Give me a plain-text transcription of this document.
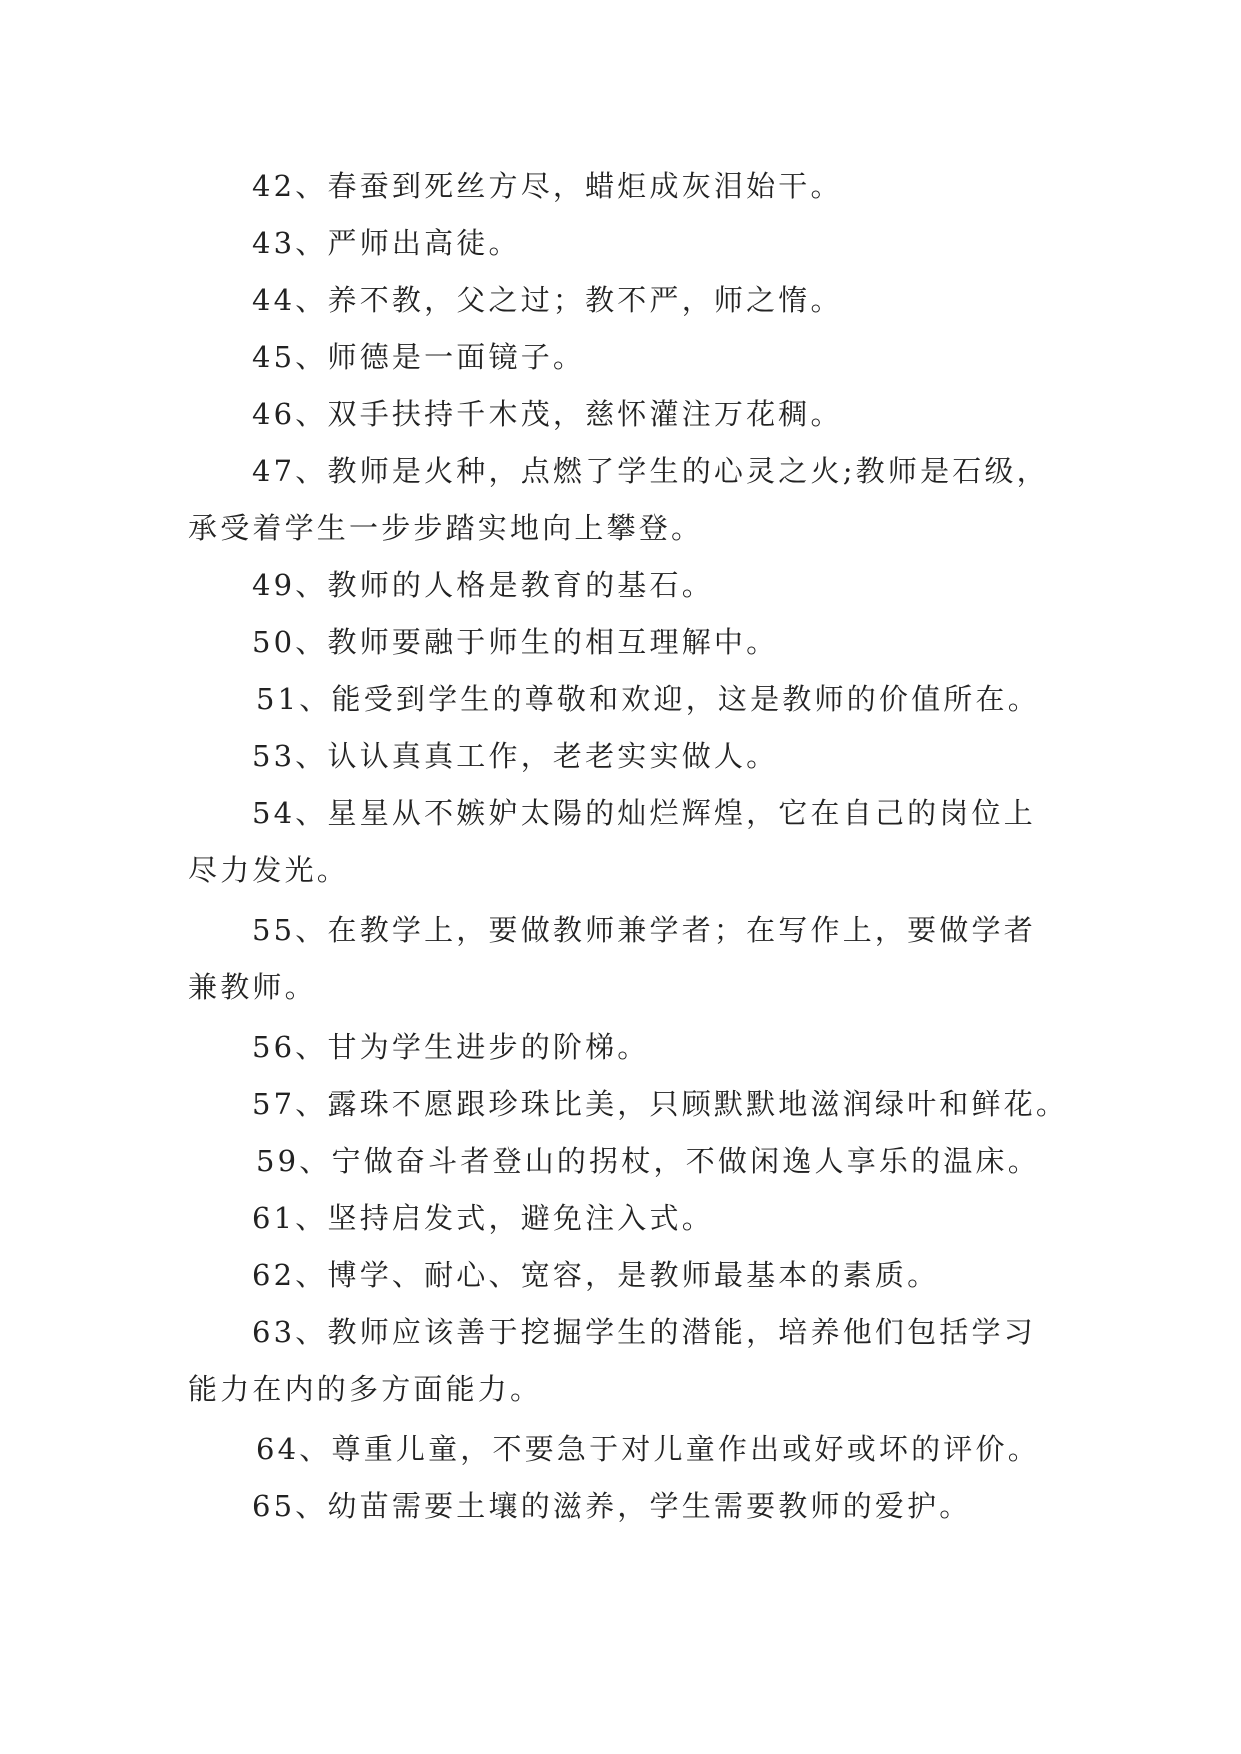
42、春蚕到死丝方尽，蜡炬成灰泪始干。
43、严师出高徒。
44、养不教，父之过；教不严，师之惰。
45、师德是一面镜子。
46、双手扶持千木茂，慈怀灌注万花稠。
47、教师是火种，点燃了学生的心灵之火;教师是石级，
承受着学生一步步踏实地向上攀登。
49、教师的人格是教育的基石。
50、教师要融于师生的相互理解中。
51、能受到学生的尊敬和欢迎，这是教师的价值所在。
53、认认真真工作，老老实实做人。
54、星星从不嫉妒太陽的灿烂辉煌，它在自己的岗位上
尽力发光。
55、在教学上，要做教师兼学者；在写作上，要做学者
兼教师。
56、甘为学生进步的阶梯。
57、露珠不愿跟珍珠比美，只顾默默地滋润绿叶和鲜花。
59、宁做奋斗者登山的拐杖，不做闲逸人享乐的温床。
61、坚持启发式，避免注入式。
62、博学、耐心、宽容，是教师最基本的素质。
63、教师应该善于挖掘学生的潜能，培养他们包括学习
能力在内的多方面能力。
64、尊重儿童，不要急于对儿童作出或好或坏的评价。
65、幼苗需要土壤的滋养，学生需要教师的爱护。
